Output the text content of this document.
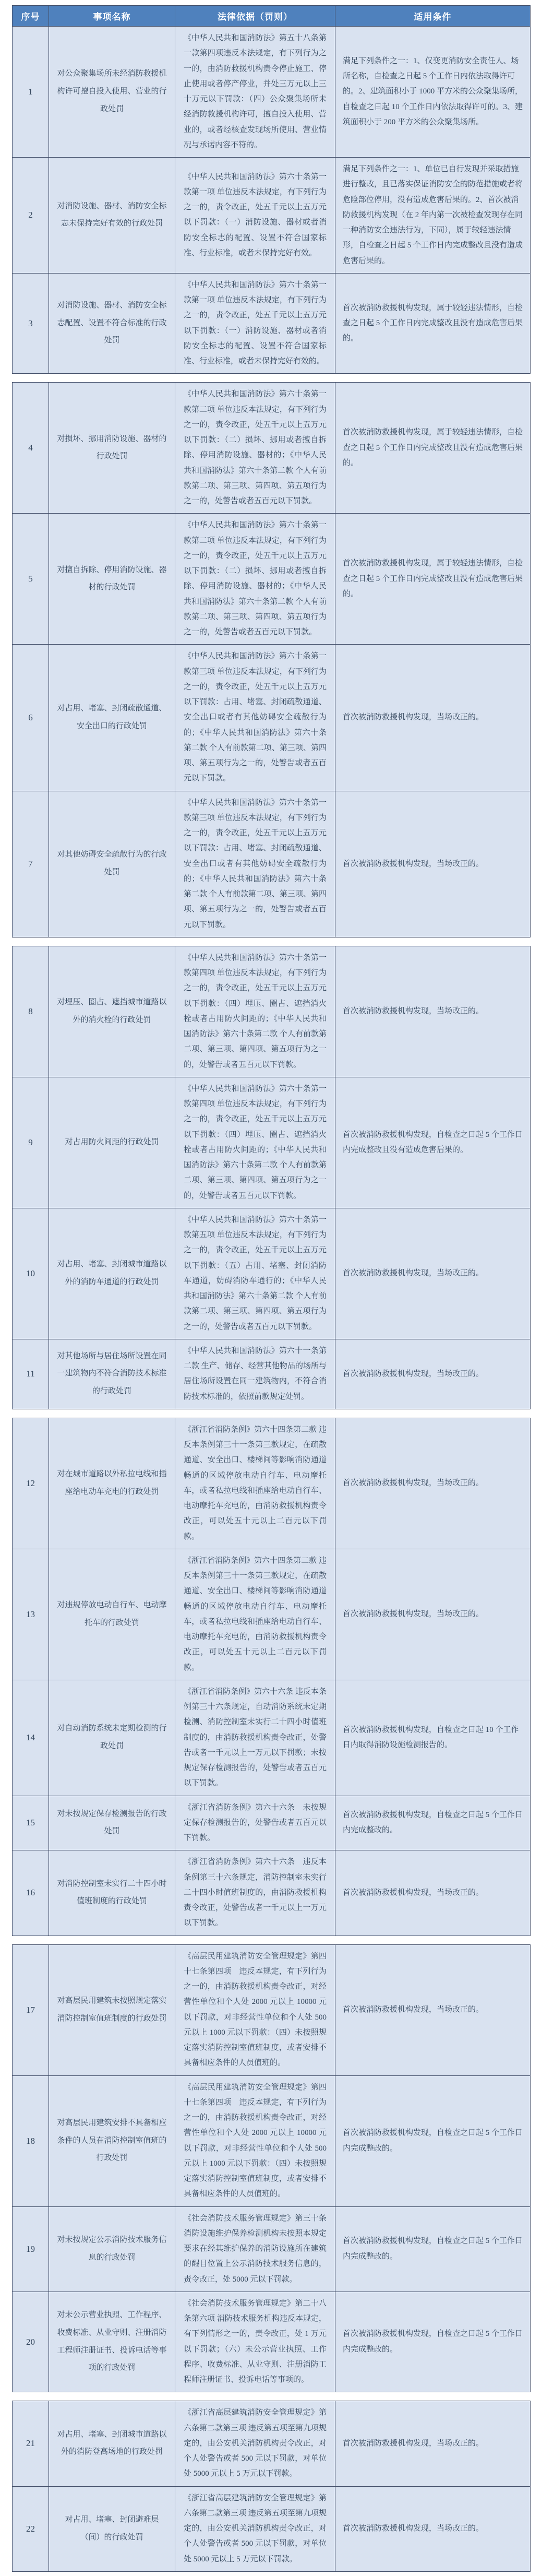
序号	事项名称	法律依据（罚则）	适用条件
1	对公众聚集场所未经消防救援机构许可擅自投入使用、营业的行政处罚	《中华人民共和国消防法》第五十八条第一款第四项违反本法规定，有下列行为之一的，由消防救援机构责令停止施工、停止使用或者停产停业，并处三万元以上三十万元以下罚款：（四）公众聚集场所未经消防救援机构许可，擅自投入使用、营业的，或者经核查发现场所使用、营业情况与承诺内容不符的。	满足下列条件之一：1、仅变更消防安全责任人、场所名称，自检查之日起 5 个工作日内依法取得许可的。2、建筑面积小于 1000 平方米的公众聚集场所，自检查之日起 10 个工作日内依法取得许可的。3、建筑面积小于 200 平方米的公众聚集场所。
2	对消防设施、器材、消防安全标志未保持完好有效的行政处罚	《中华人民共和国消防法》第六十条第一款第一项 单位违反本法规定，有下列行为之一的，责令改正，处五千元以上五万元以下罚款：（一）消防设施、器材或者消防安全标志的配置、设置不符合国家标准、行业标准，或者未保持完好有效。	满足下列条件之一：1、单位已自行发现并采取措施进行整改，且已落实保证消防安全的防范措施或者将危险部位停用，没有造成危害后果的。2、首次被消防救援机构发现（在 2 年内第一次被检查发现存在同一种消防安全违法行为，下同），属于较轻违法情形，自检查之日起 5 个工作日内完成整改且没有造成危害后果的。
3	对消防设施、器材、消防安全标志配置、设置不符合标准的行政处罚	《中华人民共和国消防法》第六十条第一款第一项 单位违反本法规定，有下列行为之一的，责令改正，处五千元以上五万元以下罚款：（一）消防设施、器材或者消防安全标志的配置、设置不符合国家标准、行业标准，或者未保持完好有效的。	首次被消防救援机构发现，属于较轻违法情形，自检查之日起 5 个工作日内完成整改且没有造成危害后果的。
4	对损坏、挪用消防设施、器材的行政处罚	《中华人民共和国消防法》第六十条第一款第二项 单位违反本法规定，有下列行为之一的，责令改正，处五千元以上五万元以下罚款：（二）损坏、挪用或者擅自拆除、停用消防设施、器材的；《中华人民共和国消防法》第六十条第二款 个人有前款第二项、第三项、第四项、第五项行为之一的，处警告或者五百元以下罚款。	首次被消防救援机构发现，属于较轻违法情形，自检查之日起 5 个工作日内完成整改且没有造成危害后果的。
5	对擅自拆除、停用消防设施、器材的行政处罚	《中华人民共和国消防法》第六十条第一款第二项 单位违反本法规定，有下列行为之一的，责令改正，处五千元以上五万元以下罚款：（二）损坏、挪用或者擅自拆除、停用消防设施、器材的；《中华人民共和国消防法》第六十条第二款 个人有前款第二项、第三项、第四项、第五项行为之一的，处警告或者五百元以下罚款。	首次被消防救援机构发现，属于较轻违法情形，自检查之日起 5 个工作日内完成整改且没有造成危害后果的。
6	对占用、堵塞、封闭疏散通道、安全出口的行政处罚	《中华人民共和国消防法》第六十条第一款第三项 单位违反本法规定，有下列行为之一的，责令改正，处五千元以上五万元以下罚款：占用、堵塞、封闭疏散通道、安全出口或者有其他妨碍安全疏散行为的；《中华人民共和国消防法》第六十条第二款 个人有前款第二项、第三项、第四项、第五项行为之一的，处警告或者五百元以下罚款。	首次被消防救援机构发现，当场改正的。
7	对其他妨碍安全疏散行为的行政处罚	《中华人民共和国消防法》第六十条第一款第三项 单位违反本法规定，有下列行为之一的，责令改正，处五千元以上五万元以下罚款：占用、堵塞、封闭疏散通道、安全出口或者有其他妨碍安全疏散行为的；《中华人民共和国消防法》第六十条第二款 个人有前款第二项、第三项、第四项、第五项行为之一的，处警告或者五百元以下罚款。	首次被消防救援机构发现，当场改正的。
8	对埋压、圈占、遮挡城市道路以外的消火栓的行政处罚	《中华人民共和国消防法》第六十条第一款第四项 单位违反本法规定，有下列行为之一的，责令改正，处五千元以上五万元以下罚款：（四）埋压、圈占、遮挡消火栓或者占用防火间距的；《中华人民共和国消防法》第六十条第二款 个人有前款第二项、第三项、第四项、第五项行为之一的，处警告或者五百元以下罚款。	首次被消防救援机构发现，当场改正的。
9	对占用防火间距的行政处罚	《中华人民共和国消防法》第六十条第一款第四项 单位违反本法规定，有下列行为之一的，责令改正，处五千元以上五万元以下罚款：（四）埋压、圈占、遮挡消火栓或者占用防火间距的；《中华人民共和国消防法》第六十条第二款 个人有前款第二项、第三项、第四项、第五项行为之一的，处警告或者五百元以下罚款。	首次被消防救援机构发现，自检查之日起 5 个工作日内完成整改且没有造成危害后果的。
10	对占用、堵塞、封闭城市道路以外的消防车通道的行政处罚	《中华人民共和国消防法》第六十条第一款第五项 单位违反本法规定，有下列行为之一的，责令改正，处五千元以上五万元以下罚款：（五）占用、堵塞、封闭消防车通道，妨碍消防车通行的；《中华人民共和国消防法》第六十条第二款 个人有前款第二项、第三项、第四项、第五项行为之一的，处警告或者五百元以下罚款。	首次被消防救援机构发现，当场改正的。
11	对其他场所与居住场所设置在同一建筑物内不符合消防技术标准的行政处罚	《中华人民共和国消防法》第六十一条第二款 生产、储存、经营其他物品的场所与居住场所设置在同一建筑物内，不符合消防技术标准的，依照前款规定处罚。	首次被消防救援机构发现，当场改正的。
12	对在城市道路以外私拉电线和插座给电动车充电的行政处罚	《浙江省消防条例》第六十四条第二款 违反本条例第三十一条第三款规定，在疏散通道、安全出口、楼梯间等影响消防通道畅通的区域停放电动自行车、电动摩托车，或者私拉电线和插座给电动自行车、电动摩托车充电的，由消防救援机构责令改正，可以处五十元以上二百元以下罚款。	首次被消防救援机构发现，当场改正的。
13	对违规停放电动自行车、电动摩托车的行政处罚	《浙江省消防条例》第六十四条第二款 违反本条例第三十一条第三款规定，在疏散通道、安全出口、楼梯间等影响消防通道畅通的区域停放电动自行车、电动摩托车，或者私拉电线和插座给电动自行车、电动摩托车充电的，由消防救援机构责令改正，可以处五十元以上二百元以下罚款。	首次被消防救援机构发现，当场改正的。
14	对自动消防系统未定期检测的行政处罚	《浙江省消防条例》第六十六条 违反本条例第三十六条规定，自动消防系统未定期检测、消防控制室未实行二十四小时值班制度的，由消防救援机构责令改正，处警告或者一千元以上一万元以下罚款；未按规定保存检测报告的，处警告或者五百元以下罚款。	首次被消防救援机构发现，自检查之日起 10 个工作日内取得消防设施检测报告的。
15	对未按规定保存检测报告的行政处罚	《浙江省消防条例》第六十六条　未按规定保存检测报告的，处警告或者五百元以下罚款。	首次被消防救援机构发现，自检查之日起 5 个工作日内完成整改的。
16	对消防控制室未实行二十四小时值班制度的行政处罚	《浙江省消防条例》第六十六条　违反本条例第三十六条规定，消防控制室未实行二十四小时值班制度的，由消防救援机构责令改正，处警告或者一千元以上一万元以下罚款。	首次被消防救援机构发现，当场改正的。
17	对高层民用建筑未按照规定落实消防控制室值班制度的行政处罚	《高层民用建筑消防安全管理规定》第四十七条第四项　违反本规定，有下列行为之一的，由消防救援机构责令改正，对经营性单位和个人处 2000 元以上 10000 元以下罚款，对非经营性单位和个人处 500 元以上 1000 元以下罚款：（四）未按照规定落实消防控制室值班制度，或者安排不具备相应条件的人员值班的。	首次被消防救援机构发现，当场改正的。
18	对高层民用建筑安排不具备相应条件的人员在消防控制室值班的行政处罚	《高层民用建筑消防安全管理规定》第四十七条第四项　违反本规定，有下列行为之一的，由消防救援机构责令改正，对经营性单位和个人处 2000 元以上 10000 元以下罚款，对非经营性单位和个人处 500 元以上 1000 元以下罚款：（四）未按照规定落实消防控制室值班制度，或者安排不具备相应条件的人员值班的。	首次被消防救援机构发现，自检查之日起 5 个工作日内完成整改的。
19	对未按规定公示消防技术服务信息的行政处罚	《社会消防技术服务管理规定》第三十条 消防设施维护保养检测机构未按照本规定要求在经其维护保养的消防设施所在建筑的醒目位置上公示消防技术服务信息的，责令改正，处 5000 元以下罚款。	首次被消防救援机构发现，自检查之日起 5 个工作日内完成整改的。
20	对未公示营业执照、工作程序、收费标准、从业守则、注册消防工程师注册证书、投诉电话等事项的行政处罚	《社会消防技术服务管理规定》第二十八条第六项 消防技术服务机构违反本规定，有下列情形之一的，责令改正，处 1 万元以下罚款；（六）未公示营业执照、工作程序、收费标准、从业守则、注册消防工程师注册证书、投诉电话等事项的。	首次被消防救援机构发现，自检查之日起 5 个工作日内完成整改的。
21	对占用、堵塞、封闭城市道路以外的消防登高场地的行政处罚	《浙江省高层建筑消防安全管理规定》第六条第二款第三项 违反第五项至第九项规定的，由公安机关消防机构责令改正，对个人处警告或者 500 元以下罚款，对单位处 5000 元以上 5 万元以下罚款。	首次被消防救援机构发现，当场改正的。
22	对占用、堵塞、封闭避难层（间）的行政处罚	《浙江省高层建筑消防安全管理规定》第六条第二款第三项 违反第五项至第九项规定的，由公安机关消防机构责令改正，对个人处警告或者 500 元以下罚款，对单位处 5000 元以上 5 万元以下罚款。	首次被消防救援机构发现，当场改正的。
